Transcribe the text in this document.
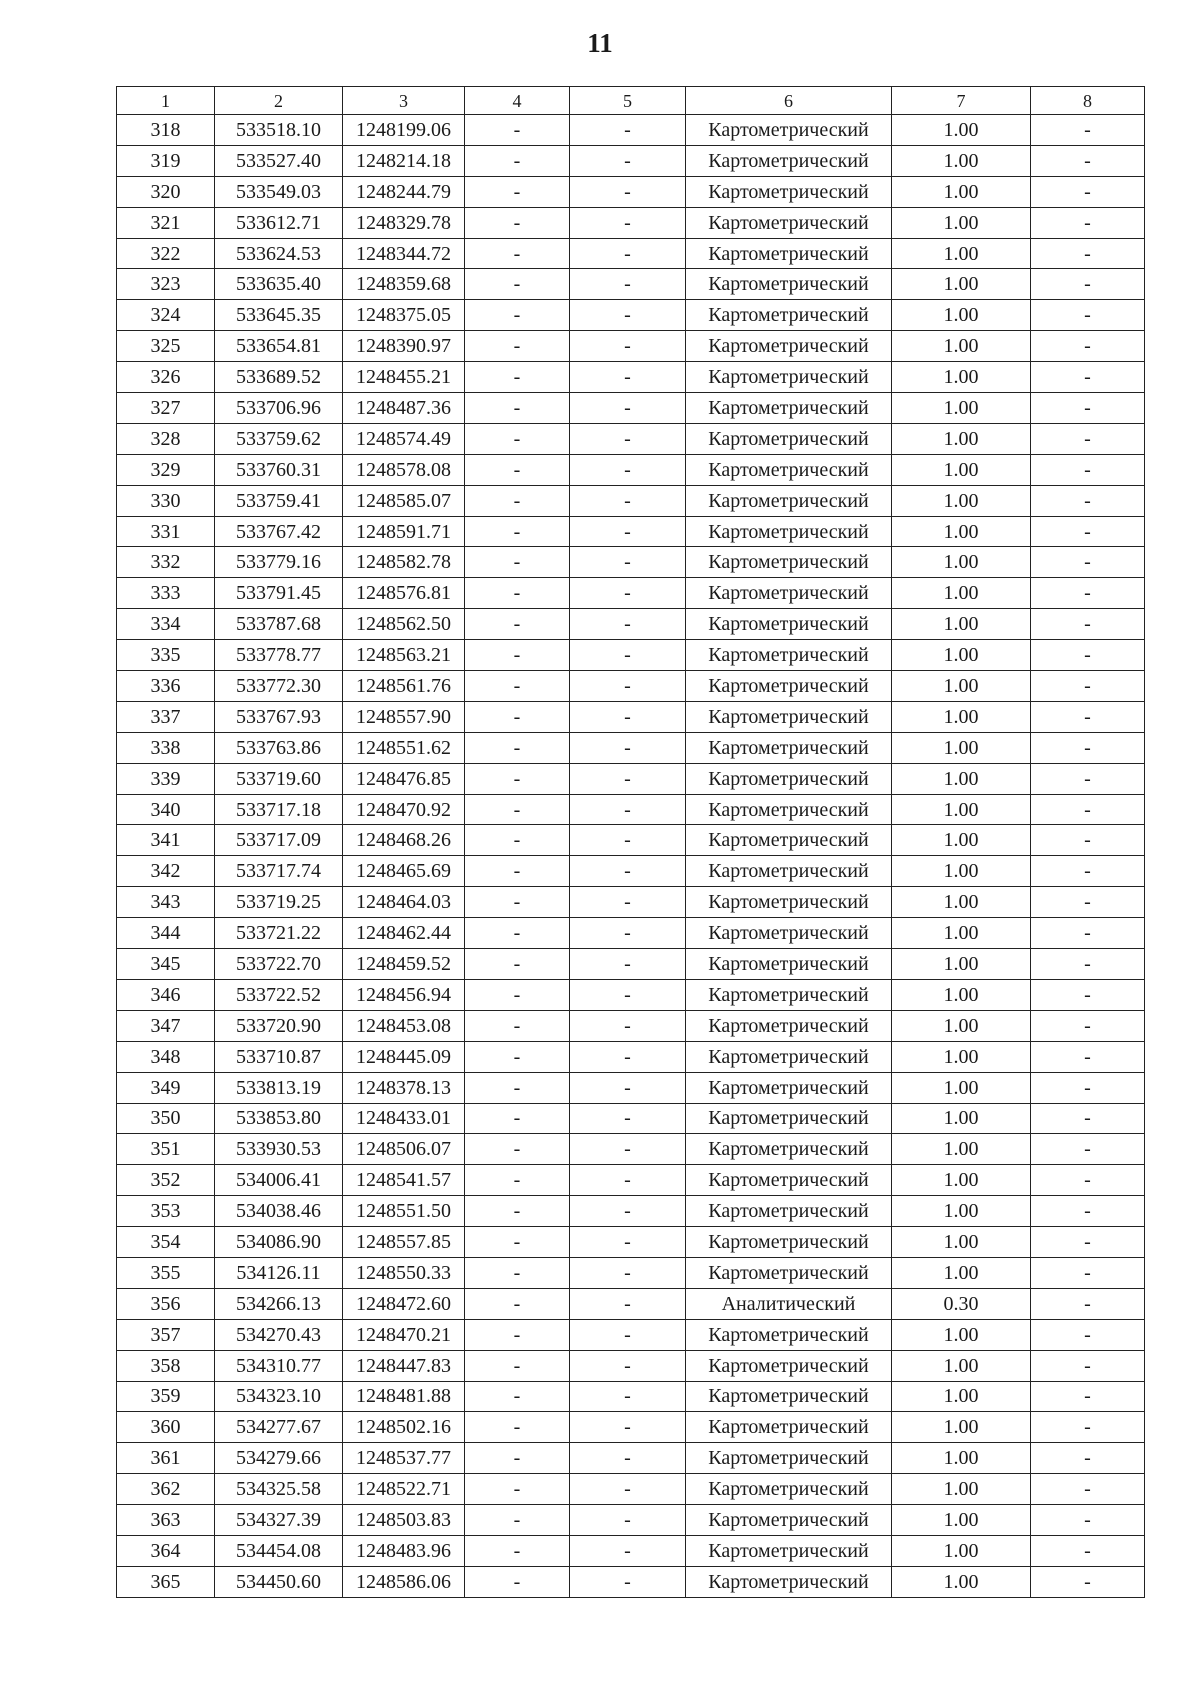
11
1	2	3	4	5	6	7	8
318	533518.10	1248199.06	-	-	Картометрический	1.00	-
319	533527.40	1248214.18	-	-	Картометрический	1.00	-
320	533549.03	1248244.79	-	-	Картометрический	1.00	-
321	533612.71	1248329.78	-	-	Картометрический	1.00	-
322	533624.53	1248344.72	-	-	Картометрический	1.00	-
323	533635.40	1248359.68	-	-	Картометрический	1.00	-
324	533645.35	1248375.05	-	-	Картометрический	1.00	-
325	533654.81	1248390.97	-	-	Картометрический	1.00	-
326	533689.52	1248455.21	-	-	Картометрический	1.00	-
327	533706.96	1248487.36	-	-	Картометрический	1.00	-
328	533759.62	1248574.49	-	-	Картометрический	1.00	-
329	533760.31	1248578.08	-	-	Картометрический	1.00	-
330	533759.41	1248585.07	-	-	Картометрический	1.00	-
331	533767.42	1248591.71	-	-	Картометрический	1.00	-
332	533779.16	1248582.78	-	-	Картометрический	1.00	-
333	533791.45	1248576.81	-	-	Картометрический	1.00	-
334	533787.68	1248562.50	-	-	Картометрический	1.00	-
335	533778.77	1248563.21	-	-	Картометрический	1.00	-
336	533772.30	1248561.76	-	-	Картометрический	1.00	-
337	533767.93	1248557.90	-	-	Картометрический	1.00	-
338	533763.86	1248551.62	-	-	Картометрический	1.00	-
339	533719.60	1248476.85	-	-	Картометрический	1.00	-
340	533717.18	1248470.92	-	-	Картометрический	1.00	-
341	533717.09	1248468.26	-	-	Картометрический	1.00	-
342	533717.74	1248465.69	-	-	Картометрический	1.00	-
343	533719.25	1248464.03	-	-	Картометрический	1.00	-
344	533721.22	1248462.44	-	-	Картометрический	1.00	-
345	533722.70	1248459.52	-	-	Картометрический	1.00	-
346	533722.52	1248456.94	-	-	Картометрический	1.00	-
347	533720.90	1248453.08	-	-	Картометрический	1.00	-
348	533710.87	1248445.09	-	-	Картометрический	1.00	-
349	533813.19	1248378.13	-	-	Картометрический	1.00	-
350	533853.80	1248433.01	-	-	Картометрический	1.00	-
351	533930.53	1248506.07	-	-	Картометрический	1.00	-
352	534006.41	1248541.57	-	-	Картометрический	1.00	-
353	534038.46	1248551.50	-	-	Картометрический	1.00	-
354	534086.90	1248557.85	-	-	Картометрический	1.00	-
355	534126.11	1248550.33	-	-	Картометрический	1.00	-
356	534266.13	1248472.60	-	-	Аналитический	0.30	-
357	534270.43	1248470.21	-	-	Картометрический	1.00	-
358	534310.77	1248447.83	-	-	Картометрический	1.00	-
359	534323.10	1248481.88	-	-	Картометрический	1.00	-
360	534277.67	1248502.16	-	-	Картометрический	1.00	-
361	534279.66	1248537.77	-	-	Картометрический	1.00	-
362	534325.58	1248522.71	-	-	Картометрический	1.00	-
363	534327.39	1248503.83	-	-	Картометрический	1.00	-
364	534454.08	1248483.96	-	-	Картометрический	1.00	-
365	534450.60	1248586.06	-	-	Картометрический	1.00	-
